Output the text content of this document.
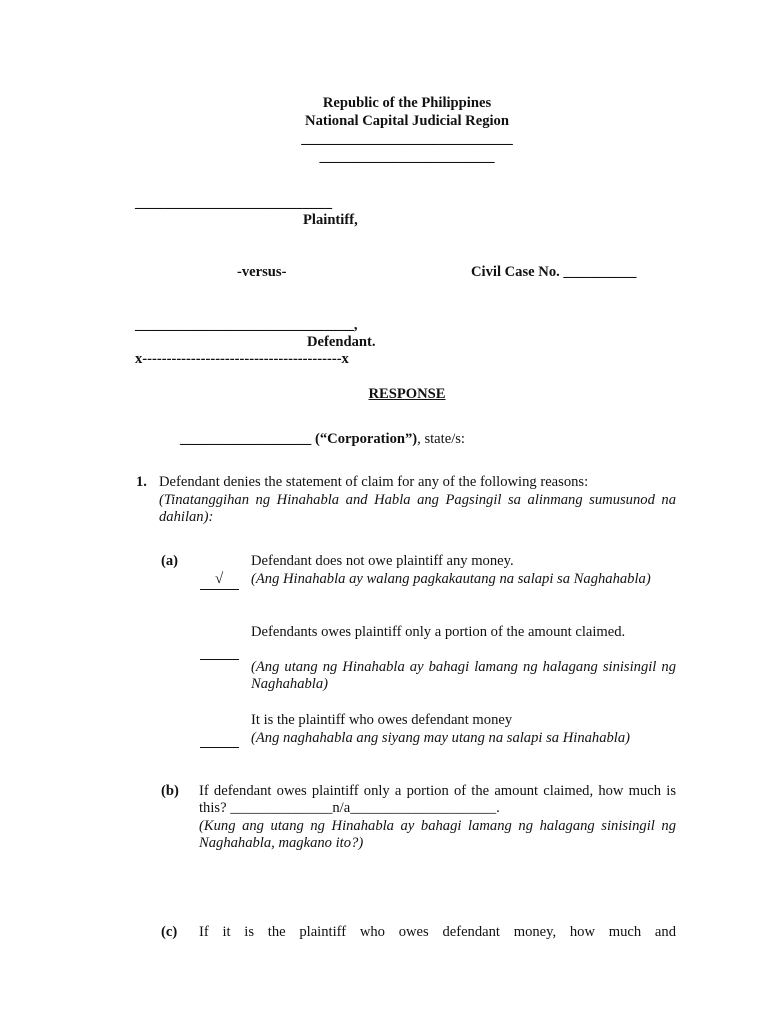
Republic of the Philippines
National Capital Judicial Region
_____________________________
________________________
___________________________
Plaintiff,
-versus-	Civil Case No. __________
______________________________,
Defendant.
x-----------------------------------------x
RESPONSE
__________________ (“Corporation”), state/s:
1. Defendant denies the statement of claim for any of the following reasons:
(Tinatanggihan ng Hinahabla and Habla ang Pagsingil sa alinmang sumusunod na dahilan):
(a)
√
Defendant does not owe plaintiff any money.
(Ang Hinahabla ay walang pagkakautang na salapi sa Naghahabla)
Defendants owes plaintiff only a portion of the amount claimed.
(Ang utang ng Hinahabla ay bahagi lamang ng halagang sinisingil ng Naghahabla)
It is the plaintiff who owes defendant money
(Ang naghahabla ang siyang may utang na salapi sa Hinahabla)
(b) If defendant owes plaintiff only a portion of the amount claimed, how much is this? ______________n/a____________________.
(Kung ang utang ng Hinahabla ay bahagi lamang ng halagang sinisingil ng Naghahabla, magkano ito?)
(c) If it is the plaintiff who owes defendant money, how much and
